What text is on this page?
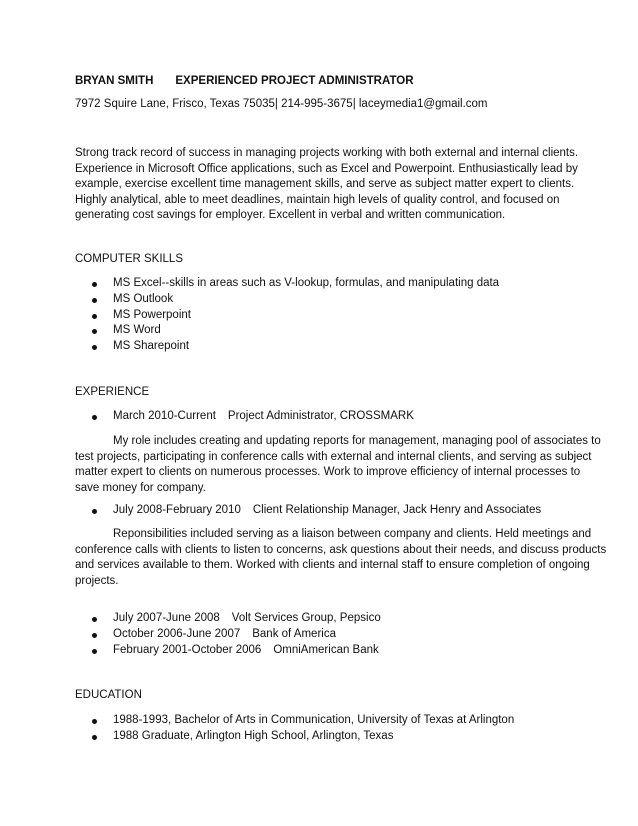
BRYAN SMITH EXPERIENCED PROJECT ADMINISTRATOR
7972 Squire Lane, Frisco, Texas 75035| 214-995-3675| laceymedia1@gmail.com

Strong track record of success in managing projects working with both external and internal clients.

Experience in Microsoft Office applications, such as Excel and Powerpoint. Enthusiastically lead by

example, exercise excellent time management skills, and serve as subject matter expert to clients.

Highly analytical, able to meet deadlines, maintain high levels of quality control, and focused on

generating cost savings for employer. Excellent in verbal and written communication.

COMPUTER SKILLS
MS Excel--skills in areas such as V-lookup, formulas, and manipulating data
MS Outlook
MS Powerpoint
MS Word
MS Sharepoint
EXPERIENCE
March 2010-Current Project Administrator, CROSSMARK

My role includes creating and updating reports for management, managing pool of associates to

test projects, participating in conference calls with external and internal clients, and serving as subject

matter expert to clients on numerous processes. Work to improve efficiency of internal processes to

save money for company.

July 2008-February 2010 Client Relationship Manager, Jack Henry and Associates

Reponsibilities included serving as a liaison between company and clients. Held meetings and

conference calls with clients to listen to concerns, ask questions about their needs, and discuss products

and services available to them. Worked with clients and internal staff to ensure completion of ongoing

projects.

July 2007-June 2008 Volt Services Group, Pepsico
October 2006-June 2007 Bank of America
February 2001-October 2006 OmniAmerican Bank
EDUCATION
1988-1993, Bachelor of Arts in Communication, University of Texas at Arlington
1988 Graduate, Arlington High School, Arlington, Texas
